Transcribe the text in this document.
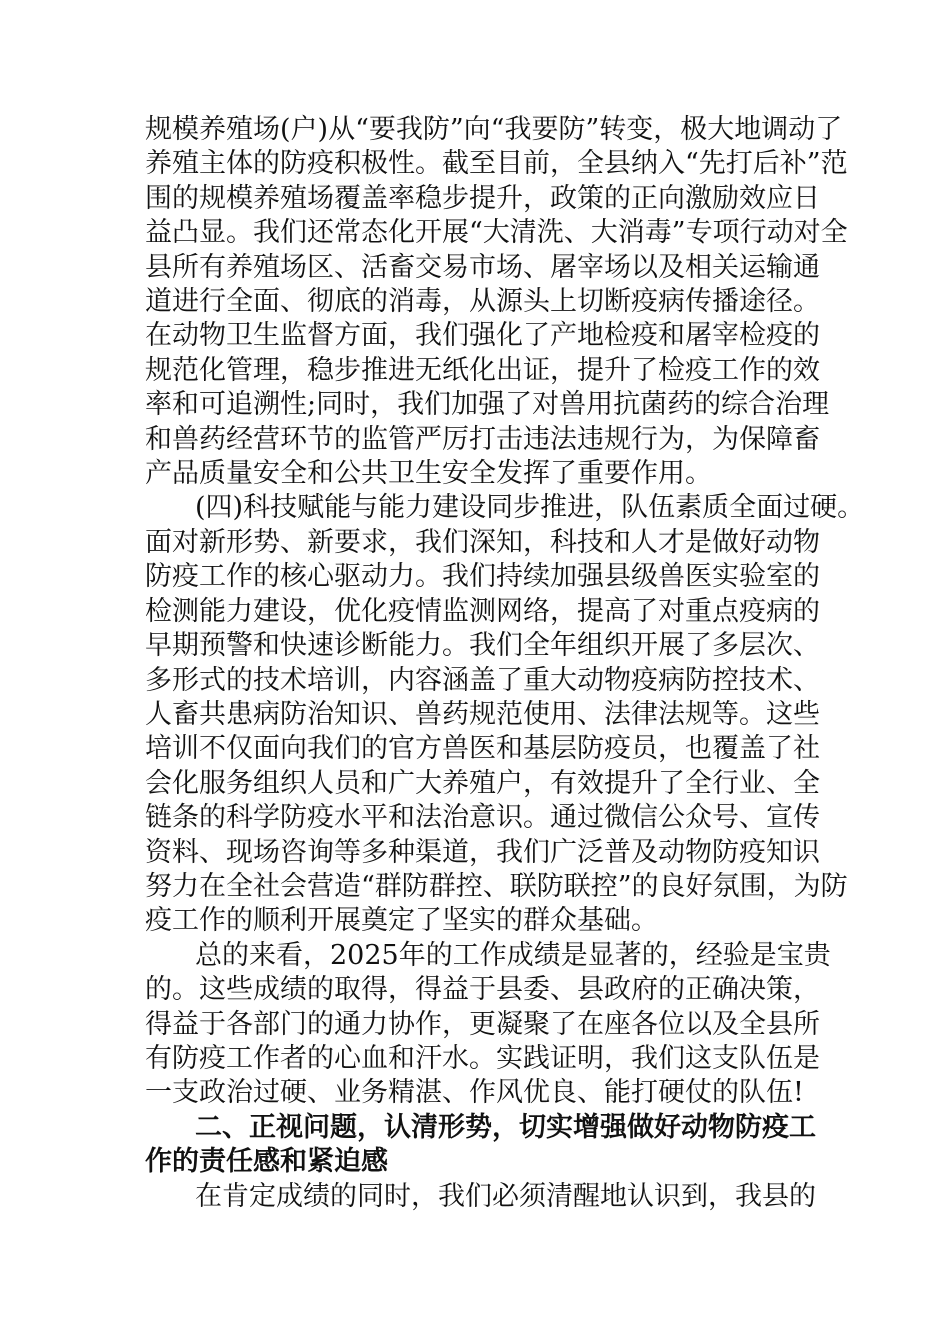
规模养殖场(户)从“要我防”向“我要防”转变，极大地调动了
养殖主体的防疫积极性。截至目前，全县纳入“先打后补”范
围的规模养殖场覆盖率稳步提升，政策的正向激励效应日
益凸显。我们还常态化开展“大清洗、大消毒”专项行动对全
县所有养殖场区、活畜交易市场、屠宰场以及相关运输通
道进行全面、彻底的消毒，从源头上切断疫病传播途径。
在动物卫生监督方面，我们强化了产地检疫和屠宰检疫的
规范化管理，稳步推进无纸化出证，提升了检疫工作的效
率和可追溯性;同时，我们加强了对兽用抗菌药的综合治理
和兽药经营环节的监管严厉打击违法违规行为，为保障畜
产品质量安全和公共卫生安全发挥了重要作用。

(四)科技赋能与能力建设同步推进，队伍素质全面过硬。
面对新形势、新要求，我们深知，科技和人才是做好动物
防疫工作的核心驱动力。我们持续加强县级兽医实验室的
检测能力建设，优化疫情监测网络，提高了对重点疫病的
早期预警和快速诊断能力。我们全年组织开展了多层次、
多形式的技术培训，内容涵盖了重大动物疫病防控技术、
人畜共患病防治知识、兽药规范使用、法律法规等。这些
培训不仅面向我们的官方兽医和基层防疫员，也覆盖了社
会化服务组织人员和广大养殖户，有效提升了全行业、全
链条的科学防疫水平和法治意识。通过微信公众号、宣传
资料、现场咨询等多种渠道，我们广泛普及动物防疫知识
努力在全社会营造“群防群控、联防联控”的良好氛围，为防
疫工作的顺利开展奠定了坚实的群众基础。

总的来看，2025年的工作成绩是显著的，经验是宝贵
的。这些成绩的取得，得益于县委、县政府的正确决策，
得益于各部门的通力协作，更凝聚了在座各位以及全县所
有防疫工作者的心血和汗水。实践证明，我们这支队伍是
一支政治过硬、业务精湛、作风优良、能打硬仗的队伍!

二、正视问题，认清形势，切实增强做好动物防疫工
作的责任感和紧迫感

在肯定成绩的同时，我们必须清醒地认识到，我县的
